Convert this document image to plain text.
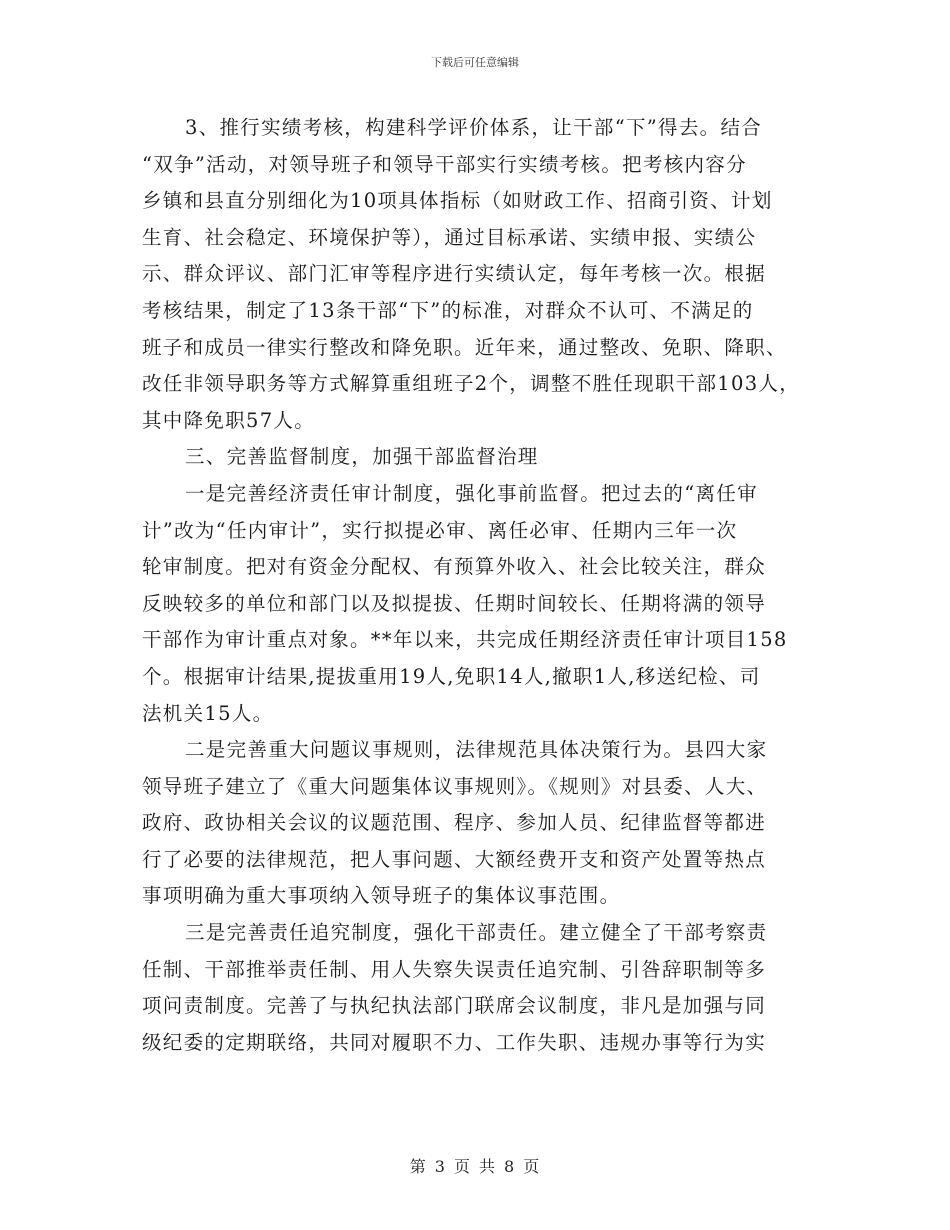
下载后可任意编辑
3、推行实绩考核，构建科学评价体系，让干部“下”得去。结合
“双争”活动，对领导班子和领导干部实行实绩考核。把考核内容分
乡镇和县直分别细化为10项具体指标（如财政工作、招商引资、计划
生育、社会稳定、环境保护等），通过目标承诺、实绩申报、实绩公
示、群众评议、部门汇审等程序进行实绩认定，每年考核一次。根据
考核结果，制定了13条干部“下”的标准，对群众不认可、不满足的
班子和成员一律实行整改和降免职。近年来，通过整改、免职、降职、
改任非领导职务等方式解算重组班子2个，调整不胜任现职干部103人，
其中降免职57人。
三、完善监督制度，加强干部监督治理
一是完善经济责任审计制度，强化事前监督。把过去的“离任审
计”改为“任内审计”，实行拟提必审、离任必审、任期内三年一次
轮审制度。把对有资金分配权、有预算外收入、社会比较关注，群众
反映较多的单位和部门以及拟提拔、任期时间较长、任期将满的领导
干部作为审计重点对象。**年以来，共完成任期经济责任审计项目158
个。根据审计结果,提拔重用19人,免职14人,撤职1人,移送纪检、司
法机关15人。
二是完善重大问题议事规则，法律规范具体决策行为。县四大家
领导班子建立了《重大问题集体议事规则》。《规则》对县委、人大、
政府、政协相关会议的议题范围、程序、参加人员、纪律监督等都进
行了必要的法律规范，把人事问题、大额经费开支和资产处置等热点
事项明确为重大事项纳入领导班子的集体议事范围。
三是完善责任追究制度，强化干部责任。建立健全了干部考察责
任制、干部推举责任制、用人失察失误责任追究制、引咎辞职制等多
项问责制度。完善了与执纪执法部门联席会议制度，非凡是加强与同
级纪委的定期联络，共同对履职不力、工作失职、违规办事等行为实
第 3 页 共 8 页
